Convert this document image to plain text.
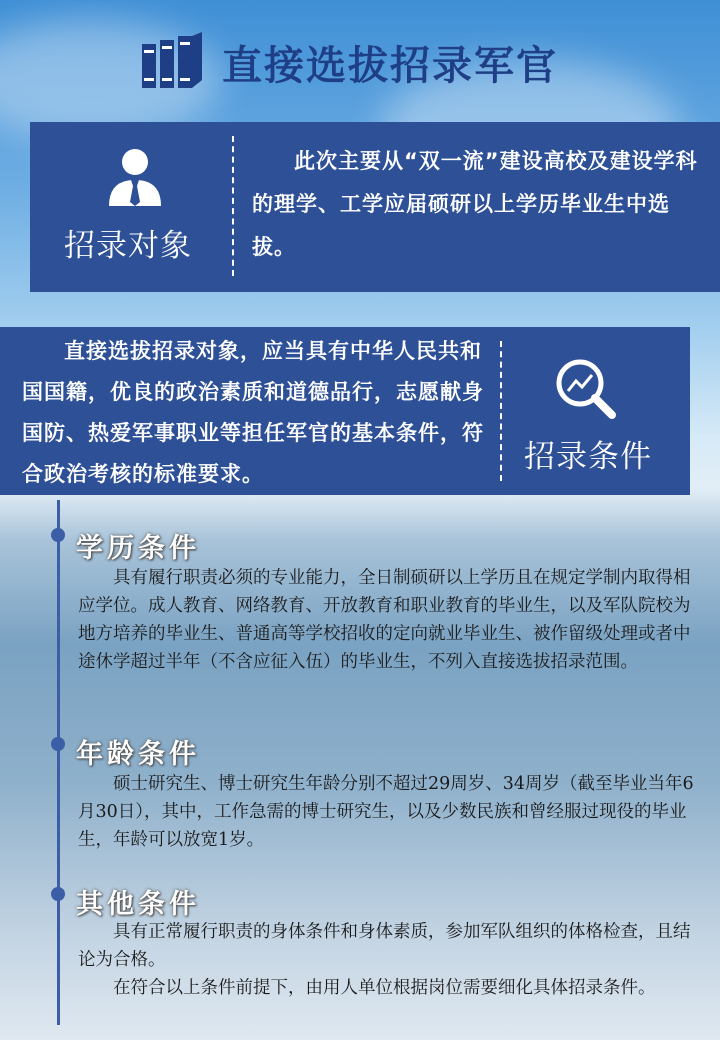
直接选拔招录军官
招录对象
此次主要从“双一流”建设高校及建设学科的理学、工学应届硕研以上学历毕业生中选拔。
直接选拔招录对象，应当具有中华人民共和国国籍，优良的政治素质和道德品行，志愿献身国防、热爱军事职业等担任军官的基本条件，符合政治考核的标准要求。	招录条件
学历条件

具有履行职责必须的专业能力，全日制硕研以上学历且在规定学制内取得相应学位。成人教育、网络教育、开放教育和职业教育的毕业生，以及军队院校为地方培养的毕业生、普通高等学校招收的定向就业毕业生、被作留级处理或者中途休学超过半年（不含应征入伍）的毕业生，不列入直接选拔招录范围。

年龄条件

硕士研究生、博士研究生年龄分别不超过29周岁、34周岁（截至毕业当年6月30日），其中，工作急需的博士研究生，以及少数民族和曾经服过现役的毕业生，年龄可以放宽1岁。

其他条件

具有正常履行职责的身体条件和身体素质，参加军队组织的体格检查，且结论为合格。

在符合以上条件前提下，由用人单位根据岗位需要细化具体招录条件。
